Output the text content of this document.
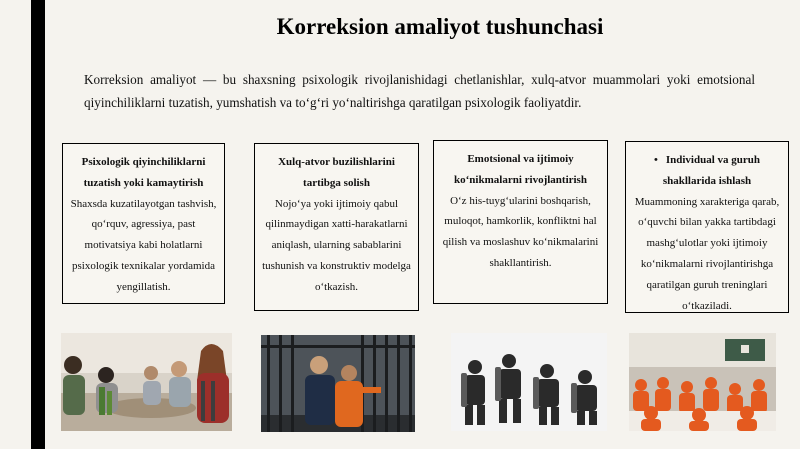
Korreksion amaliyot tushunchasi
Korreksion amaliyot — bu shaxsning psixologik rivojlanishidagi chetlanishlar, xulq-atvor muammolari yoki emotsional qiyinchiliklarni tuzatish, yumshatish va to‘g‘ri yo‘naltirishga qaratilgan psixologik faoliyatdir.
Psixologik qiyinchiliklarni tuzatish yoki kamaytirish
Shaxsda kuzatilayotgan tashvish, qo‘rquv, agressiya, past motivatsiya kabi holatlarni psixologik texnikalar yordamida yengillatish.
Xulq-atvor buzilishlarini tartibga solish
Nojo‘ya yoki ijtimoiy qabul qilinmaydigan xatti-harakatlarni aniqlash, ularning sabablarini tushunish va konstruktiv modelga o‘tkazish.
Emotsional va ijtimoiy ko‘nikmalarni rivojlantirish
O‘z his-tuyg‘ularini boshqarish, muloqot, hamkorlik, konfliktni hal qilish va moslashuv ko‘nikmalarini shakllantirish.
• Individual va guruh shakllarida ishlash
Muammoning xarakteriga qarab, o‘quvchi bilan yakka tartibdagi mashg‘ulotlar yoki ijtimoiy ko‘nikmalarni rivojlantirishga qaratilgan guruh treninglari o‘tkaziladi.
